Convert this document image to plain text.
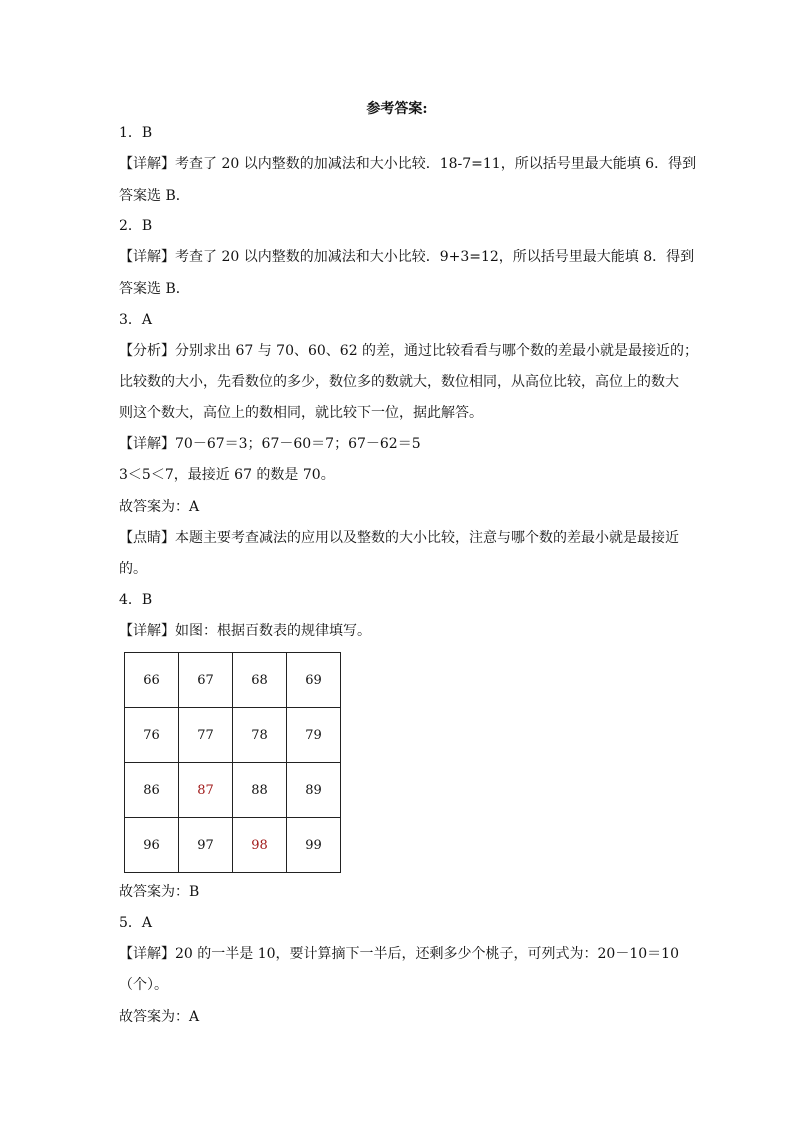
参考答案:
1．B
【详解】考查了 20 以内整数的加减法和大小比较．18-7=11，所以括号里最大能填 6．得到
答案选 B．
2．B
【详解】考查了 20 以内整数的加减法和大小比较．9+3=12，所以括号里最大能填 8．得到
答案选 B．
3．A
【分析】分别求出 67 与 70、60、62 的差，通过比较看看与哪个数的差最小就是最接近的；
比较数的大小，先看数位的多少，数位多的数就大，数位相同，从高位比较，高位上的数大
则这个数大，高位上的数相同，就比较下一位，据此解答。
【详解】70－67＝3；67－60＝7；67－62＝5
3＜5＜7，最接近 67 的数是 70。
故答案为：A
【点睛】本题主要考查减法的应用以及整数的大小比较，注意与哪个数的差最小就是最接近
的。
4．B
【详解】如图：根据百数表的规律填写。
66	67	68	69
76	77	78	79
86	87	88	89
96	97	98	99
故答案为：B
5．A
【详解】20 的一半是 10，要计算摘下一半后，还剩多少个桃子，可列式为：20－10＝10
（个）。
故答案为：A
